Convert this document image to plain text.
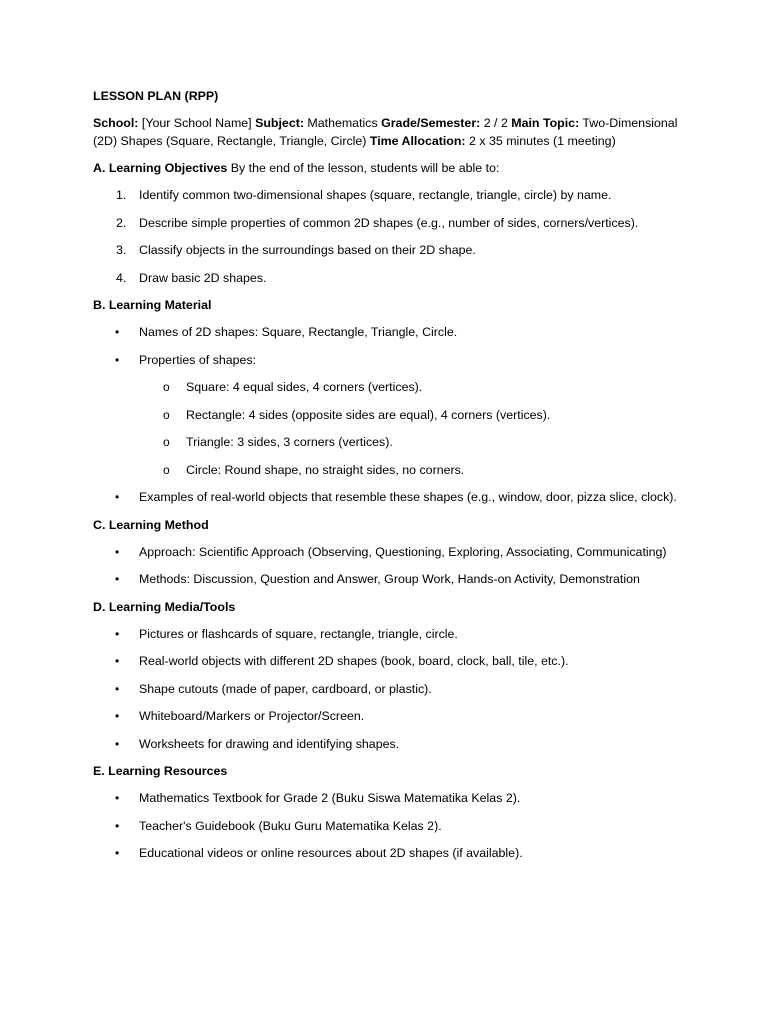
LESSON PLAN (RPP)

School: [Your School Name] Subject: Mathematics Grade/Semester: 2 / 2 Main Topic: Two-Dimensional (2D) Shapes (Square, Rectangle, Triangle, Circle) Time Allocation: 2 x 35 minutes (1 meeting)

A. Learning Objectives By the end of the lesson, students will be able to:

1. Identify common two-dimensional shapes (square, rectangle, triangle, circle) by name.
2. Describe simple properties of common 2D shapes (e.g., number of sides, corners/vertices).
3. Classify objects in the surroundings based on their 2D shape.
4. Draw basic 2D shapes.

B. Learning Material

• Names of 2D shapes: Square, Rectangle, Triangle, Circle.
• Properties of shapes:
o Square: 4 equal sides, 4 corners (vertices).
o Rectangle: 4 sides (opposite sides are equal), 4 corners (vertices).
o Triangle: 3 sides, 3 corners (vertices).
o Circle: Round shape, no straight sides, no corners.
• Examples of real-world objects that resemble these shapes (e.g., window, door, pizza slice, clock).

C. Learning Method

• Approach: Scientific Approach (Observing, Questioning, Exploring, Associating, Communicating)
• Methods: Discussion, Question and Answer, Group Work, Hands-on Activity, Demonstration

D. Learning Media/Tools

• Pictures or flashcards of square, rectangle, triangle, circle.
• Real-world objects with different 2D shapes (book, board, clock, ball, tile, etc.).
• Shape cutouts (made of paper, cardboard, or plastic).
• Whiteboard/Markers or Projector/Screen.
• Worksheets for drawing and identifying shapes.

E. Learning Resources

• Mathematics Textbook for Grade 2 (Buku Siswa Matematika Kelas 2).
• Teacher's Guidebook (Buku Guru Matematika Kelas 2).
• Educational videos or online resources about 2D shapes (if available).
